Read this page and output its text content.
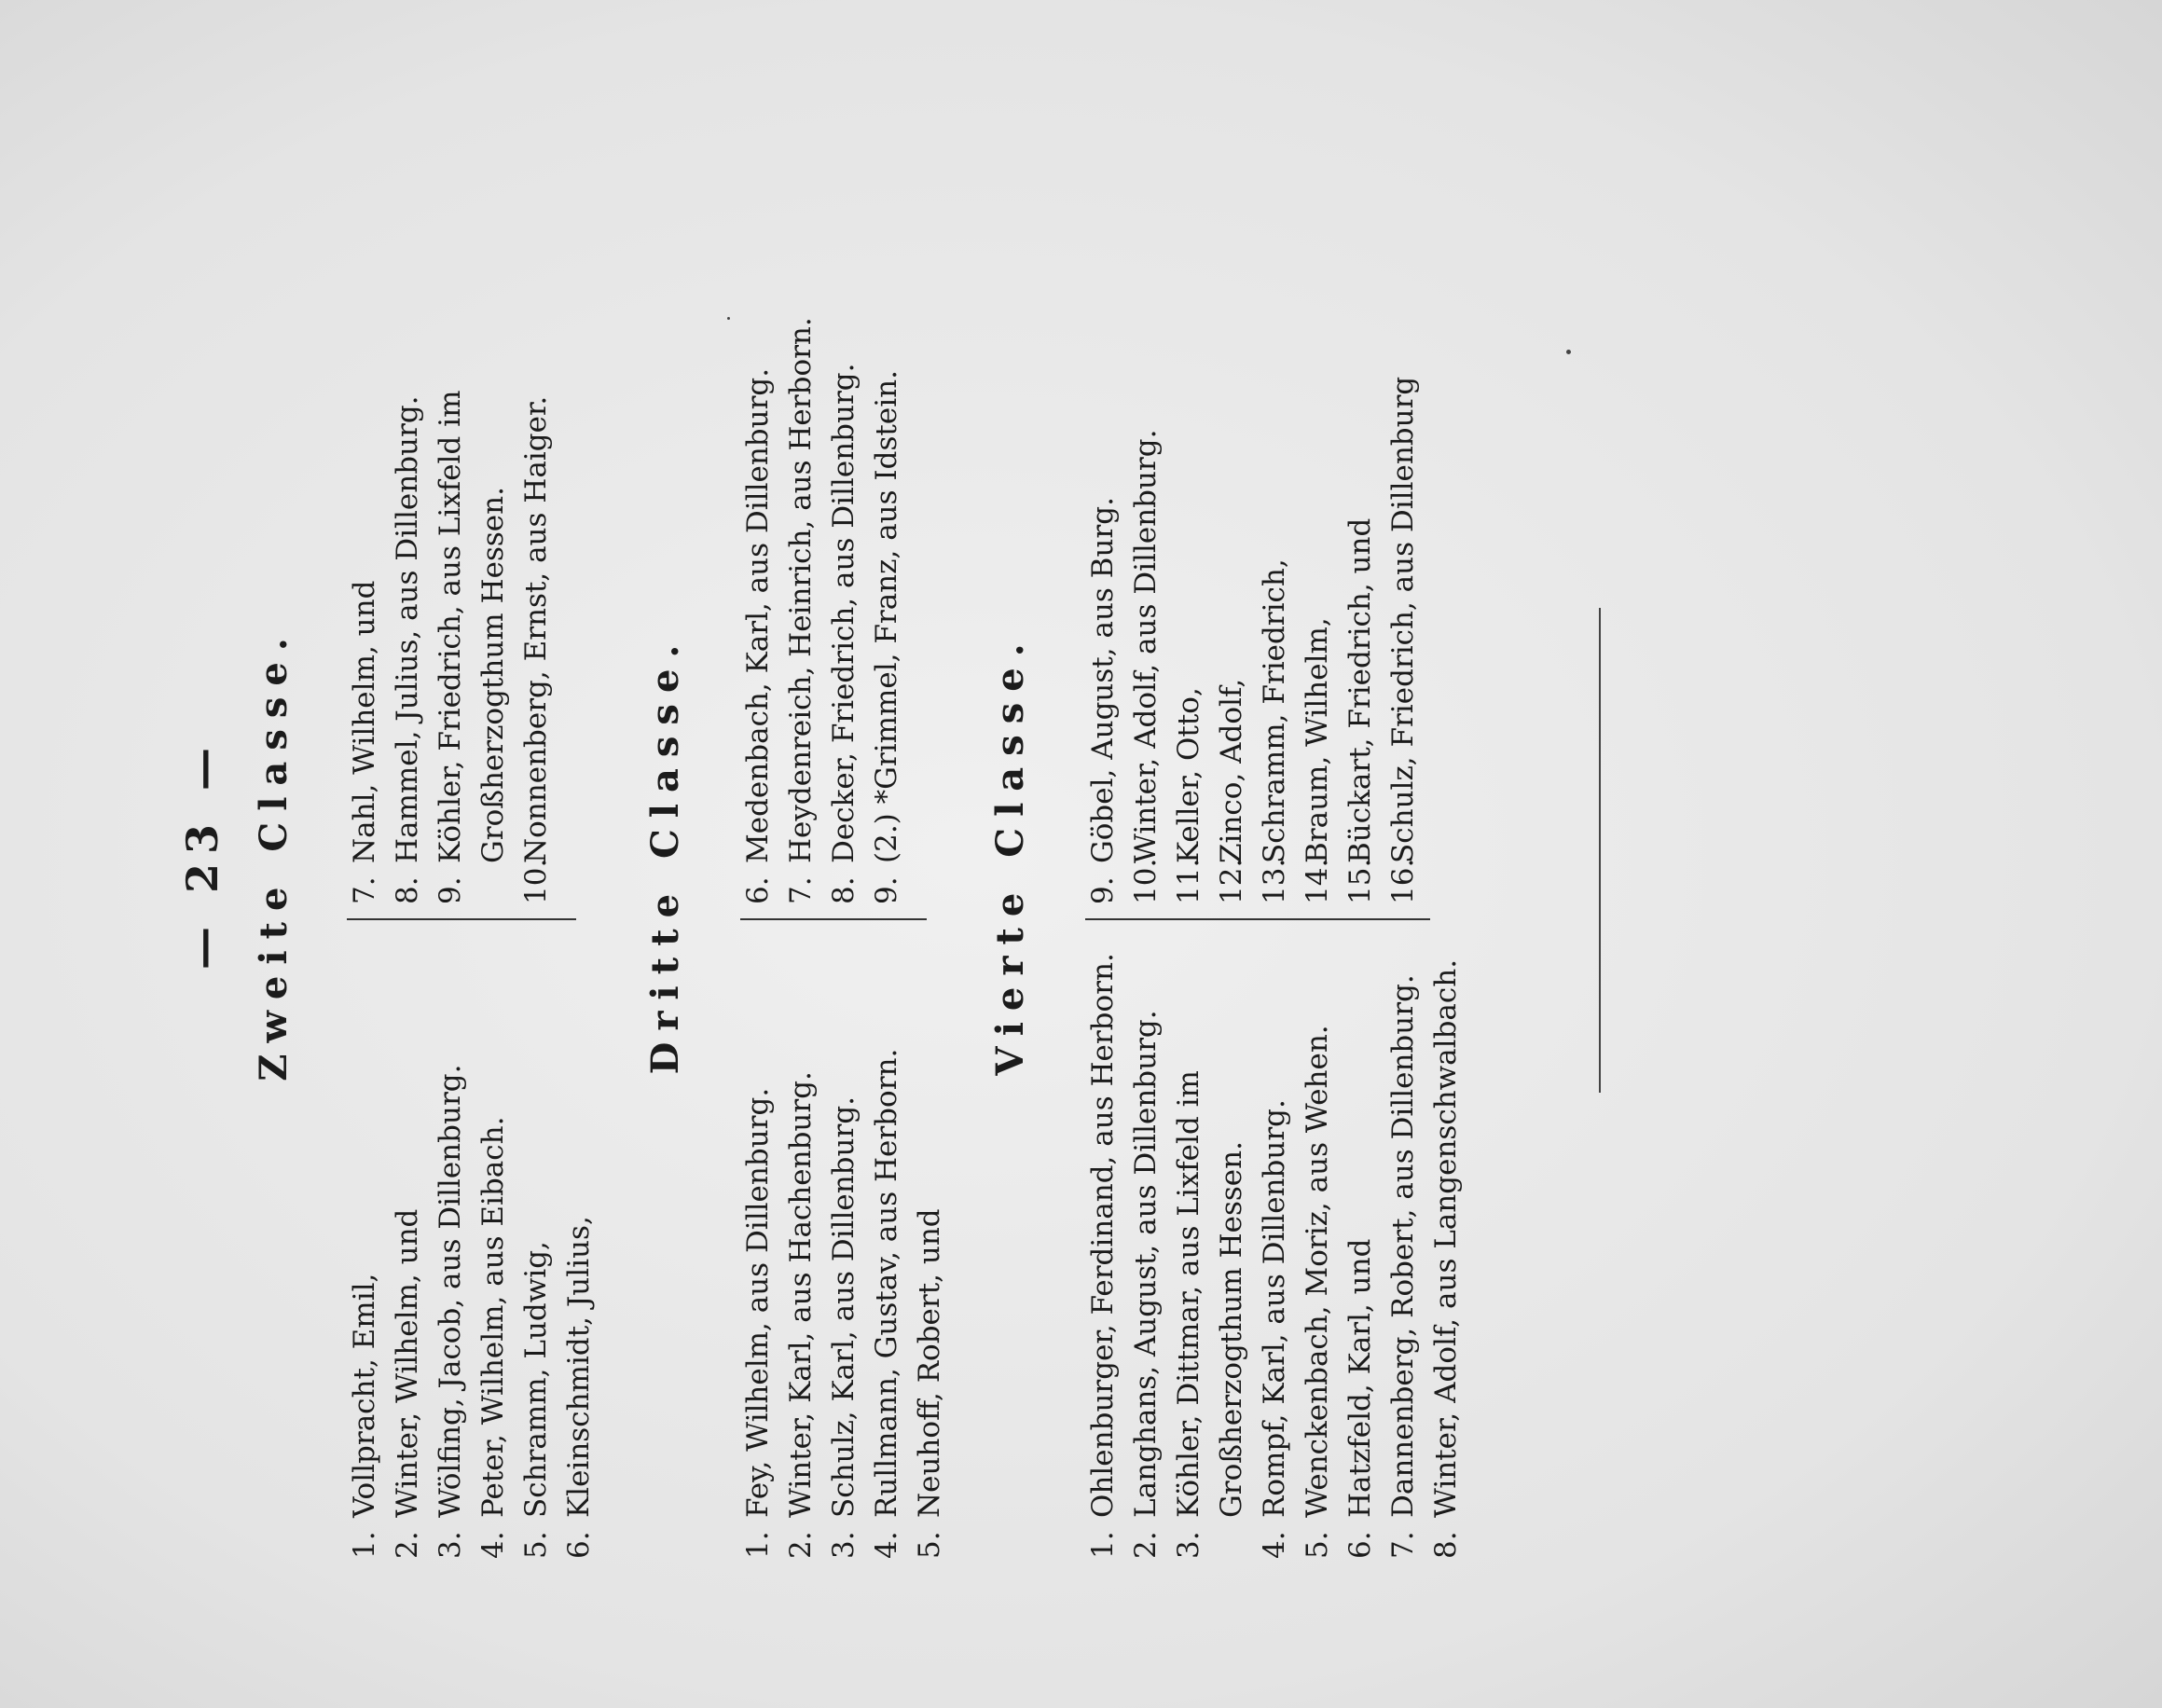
— 23 — Zweite Classe.
1.Vollpracht, Emil,
2.Winter, Wilhelm, und
3.Wölfing, Jacob, aus Dillenburg.
4.Peter, Wilhelm, aus Eibach.
5.Schramm, Ludwig,
6.Kleinschmidt, Julius,
7.Nahl, Wilhelm, und
8.Hammel, Julius, aus Dillenburg.
9.Köhler, Friedrich, aus Lixfeld im Großherzogthum Hessen.
10.Nonnenberg, Ernst, aus Haiger. Dritte Classe.
1.Fey, Wilhelm, aus Dillenburg.
2.Winter, Karl, aus Hachenburg.
3.Schulz, Karl, aus Dillenburg.
4.Rullmann, Gustav, aus Herborn.
5.Neuhoff, Robert, und
6.Medenbach, Karl, aus Dillenburg.
7.Heydenreich, Heinrich, aus Herborn.
8.Decker, Friedrich, aus Dillenburg.
9.(2.) *Grimmel, Franz, aus Idstein. Vierte Classe.
1.Ohlenburger, Ferdinand, aus Herborn.
2.Langhans, August, aus Dillenburg.
3.Köhler, Dittmar, aus Lixfeld im Großherzogthum Hessen.
4.Rompf, Karl, aus Dillenburg.
5.Wenckenbach, Moriz, aus Wehen.
6.Hatzfeld, Karl, und
7.Dannenberg, Robert, aus Dillenburg.
8.Winter, Adolf, aus Langenschwalbach.
9.Göbel, August, aus Burg.
10.Winter, Adolf, aus Dillenburg.
11.Keller, Otto,
12.Zinco, Adolf,
13.Schramm, Friedrich,
14.Braum, Wilhelm,
15.Bückart, Friedrich, und
16.Schulz, Friedrich, aus Dillenburg
